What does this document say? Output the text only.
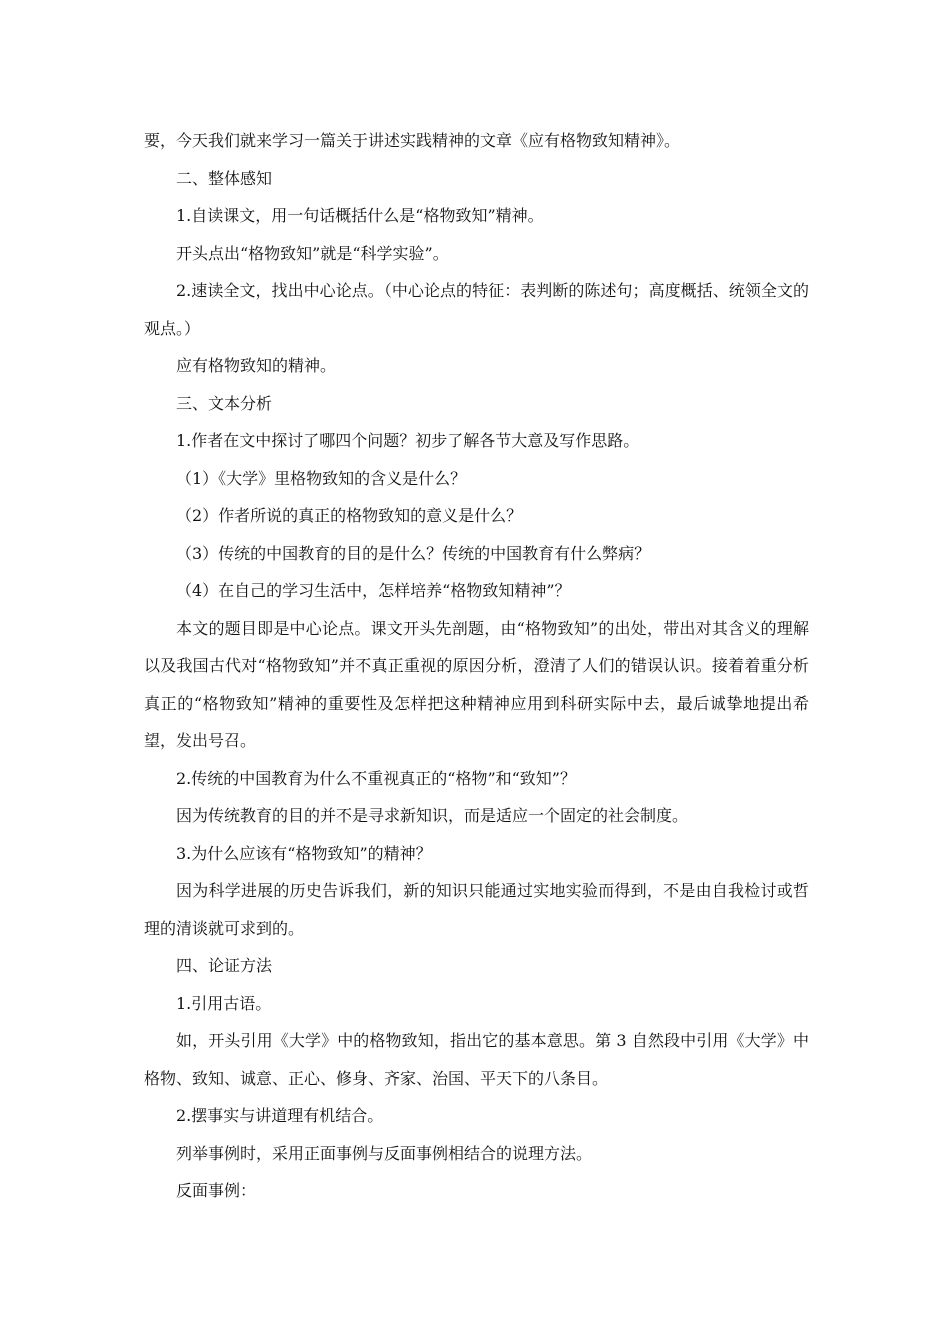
要，今天我们就来学习一篇关于讲述实践精神的文章《应有格物致知精神》。

二、整体感知

1.自读课文，用一句话概括什么是“格物致知”精神。

开头点出“格物致知”就是“科学实验”。

2.速读全文，找出中心论点。（中心论点的特征：表判断的陈述句；高度概括、统领全文的观点。）

应有格物致知的精神。

三、文本分析

1.作者在文中探讨了哪四个问题？初步了解各节大意及写作思路。

（1）《大学》里格物致知的含义是什么？

（2）作者所说的真正的格物致知的意义是什么？

（3）传统的中国教育的目的是什么？传统的中国教育有什么弊病？

（4）在自己的学习生活中，怎样培养“格物致知精神”？

本文的题目即是中心论点。课文开头先剖题，由“格物致知”的出处，带出对其含义的理解以及我国古代对“格物致知”并不真正重视的原因分析，澄清了人们的错误认识。接着着重分析真正的“格物致知”精神的重要性及怎样把这种精神应用到科研实际中去，最后诚挚地提出希望，发出号召。

2.传统的中国教育为什么不重视真正的“格物”和“致知”？

因为传统教育的目的并不是寻求新知识，而是适应一个固定的社会制度。

3.为什么应该有“格物致知”的精神？

因为科学进展的历史告诉我们，新的知识只能通过实地实验而得到，不是由自我检讨或哲理的清谈就可求到的。

四、论证方法

1.引用古语。

如，开头引用《大学》中的格物致知，指出它的基本意思。第 3 自然段中引用《大学》中格物、致知、诚意、正心、修身、齐家、治国、平天下的八条目。

2.摆事实与讲道理有机结合。

列举事例时，采用正面事例与反面事例相结合的说理方法。

反面事例：
